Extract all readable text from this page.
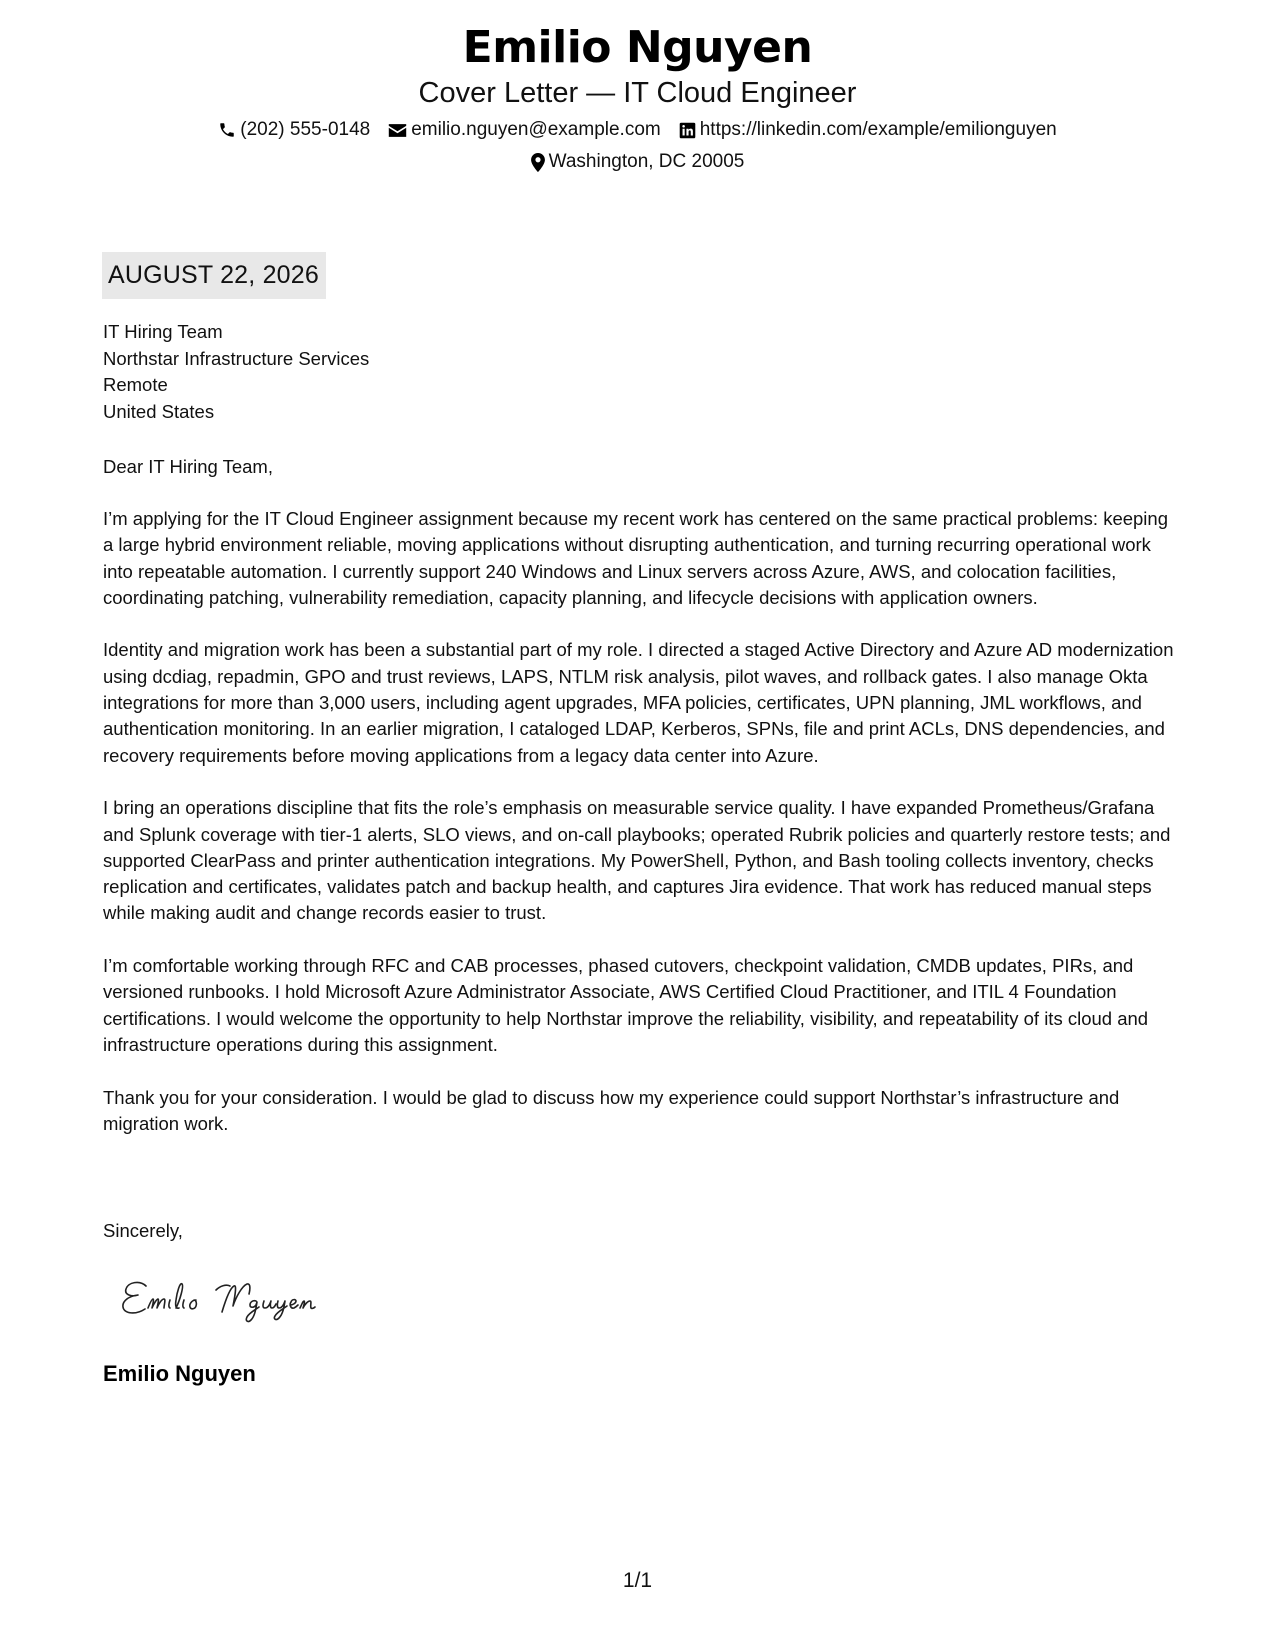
Emilio Nguyen
Cover Letter — IT Cloud Engineer
(202) 555-0148 emilio.nguyen@example.com https://linkedin.com/example/emilionguyen
Washington, DC 20005
AUGUST 22, 2026
IT Hiring Team
Northstar Infrastructure Services
Remote
United States
Dear IT Hiring Team,

I’m applying for the IT Cloud Engineer assignment because my recent work has centered on the same practical problems: keeping a large hybrid environment reliable, moving applications without disrupting authentication, and turning recurring operational work into repeatable automation. I currently support 240 Windows and Linux servers across Azure, AWS, and colocation facilities, coordinating patching, vulnerability remediation, capacity planning, and lifecycle decisions with application owners.

Identity and migration work has been a substantial part of my role. I directed a staged Active Directory and Azure AD modernization using dcdiag, repadmin, GPO and trust reviews, LAPS, NTLM risk analysis, pilot waves, and rollback gates. I also manage Okta integrations for more than 3,000 users, including agent upgrades, MFA policies, certificates, UPN planning, JML workflows, and authentication monitoring. In an earlier migration, I cataloged LDAP, Kerberos, SPNs, file and print ACLs, DNS dependencies, and recovery requirements before moving applications from a legacy data center into Azure.

I bring an operations discipline that fits the role’s emphasis on measurable service quality. I have expanded Prometheus/Grafana and Splunk coverage with tier-1 alerts, SLO views, and on-call playbooks; operated Rubrik policies and quarterly restore tests; and supported ClearPass and printer authentication integrations. My PowerShell, Python, and Bash tooling collects inventory, checks replication and certificates, validates patch and backup health, and captures Jira evidence. That work has reduced manual steps while making audit and change records easier to trust.

I’m comfortable working through RFC and CAB processes, phased cutovers, checkpoint validation, CMDB updates, PIRs, and versioned runbooks. I hold Microsoft Azure Administrator Associate, AWS Certified Cloud Practitioner, and ITIL 4 Foundation certifications. I would welcome the opportunity to help Northstar improve the reliability, visibility, and repeatability of its cloud and infrastructure operations during this assignment.

Thank you for your consideration. I would be glad to discuss how my experience could support Northstar’s infrastructure and migration work.

Sincerely,
Emilio Nguyen
1/1
